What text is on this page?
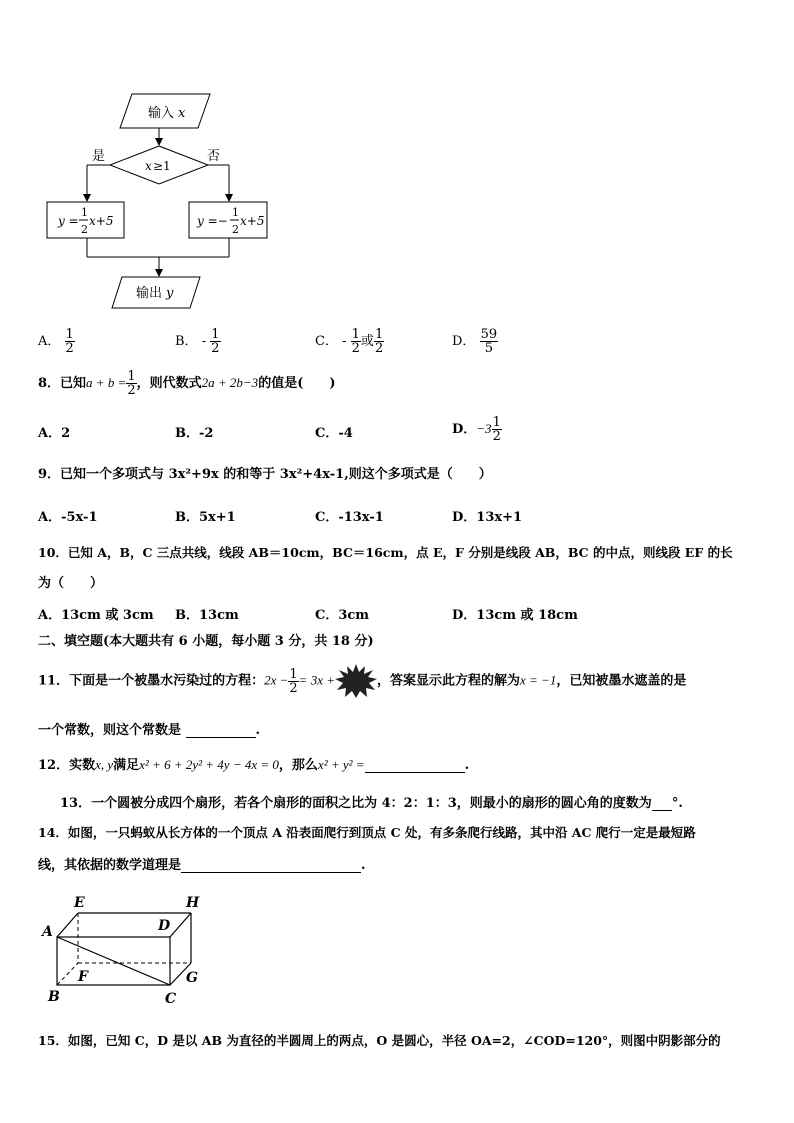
输入 x
x ≥1
是	否
y =
1
2
x+5	y =−
1
2
x+5
输出 y
A． $\frac{1}{2}$	B． - $\frac{1}{2}$	C． - $\frac{1}{2}$ 或 $\frac{1}{2}$	D． $\frac{59}{5}$
8．已知$a + b = \frac{1}{2}$ ，则代数式2a + 2b−3的值是(　　)
A．2	B．-2	C．-4	D．$-3 \frac{1}{2}$
9．已知一个多项式与 3x²+9x 的和等于 3x²+4x-1,则这个多项式是（　　）
A．-5x-1	B．5x+1	C．-13x-1	D．13x+1
10．已知 A，B，C 三点共线，线段 AB＝10cm，BC＝16cm，点 E，F 分别是线段 AB，BC 的中点，则线段 EF 的长
为（　　）
A．13cm 或 3cm B．13cm	C．3cm	D．13cm 或 18cm
二、填空题(本大题共有 6 小题，每小题 3 分，共 18 分)
11．下面是一个被墨水污染过的方程：$2x - \frac{1}{2} = 3x$ +	，答案显示此方程的解为x = −1，已知被墨水遮盖的是
一个常数，则这个常数是	.
12．实数x, y满足x² + 6 + 2y² + 4y − 4x = 0，那么x² + y² =	.
13．一个圆被分成四个扇形，若各个扇形的面积之比为 4：2：1：3，则最小的扇形的圆心角的度数为 °.
14．如图，一只蚂蚁从长方体的一个顶点 A 沿表面爬行到顶点 C 处，有多条爬行线路，其中沿 AC 爬行一定是最短路
线，其依据的数学道理是	.
E	H
A	D
F	G
B	C
15．如图，已知 C，D 是以 AB 为直径的半圆周上的两点，O 是圆心，半径 OA=2，∠COD=120°，则图中阴影部分的
